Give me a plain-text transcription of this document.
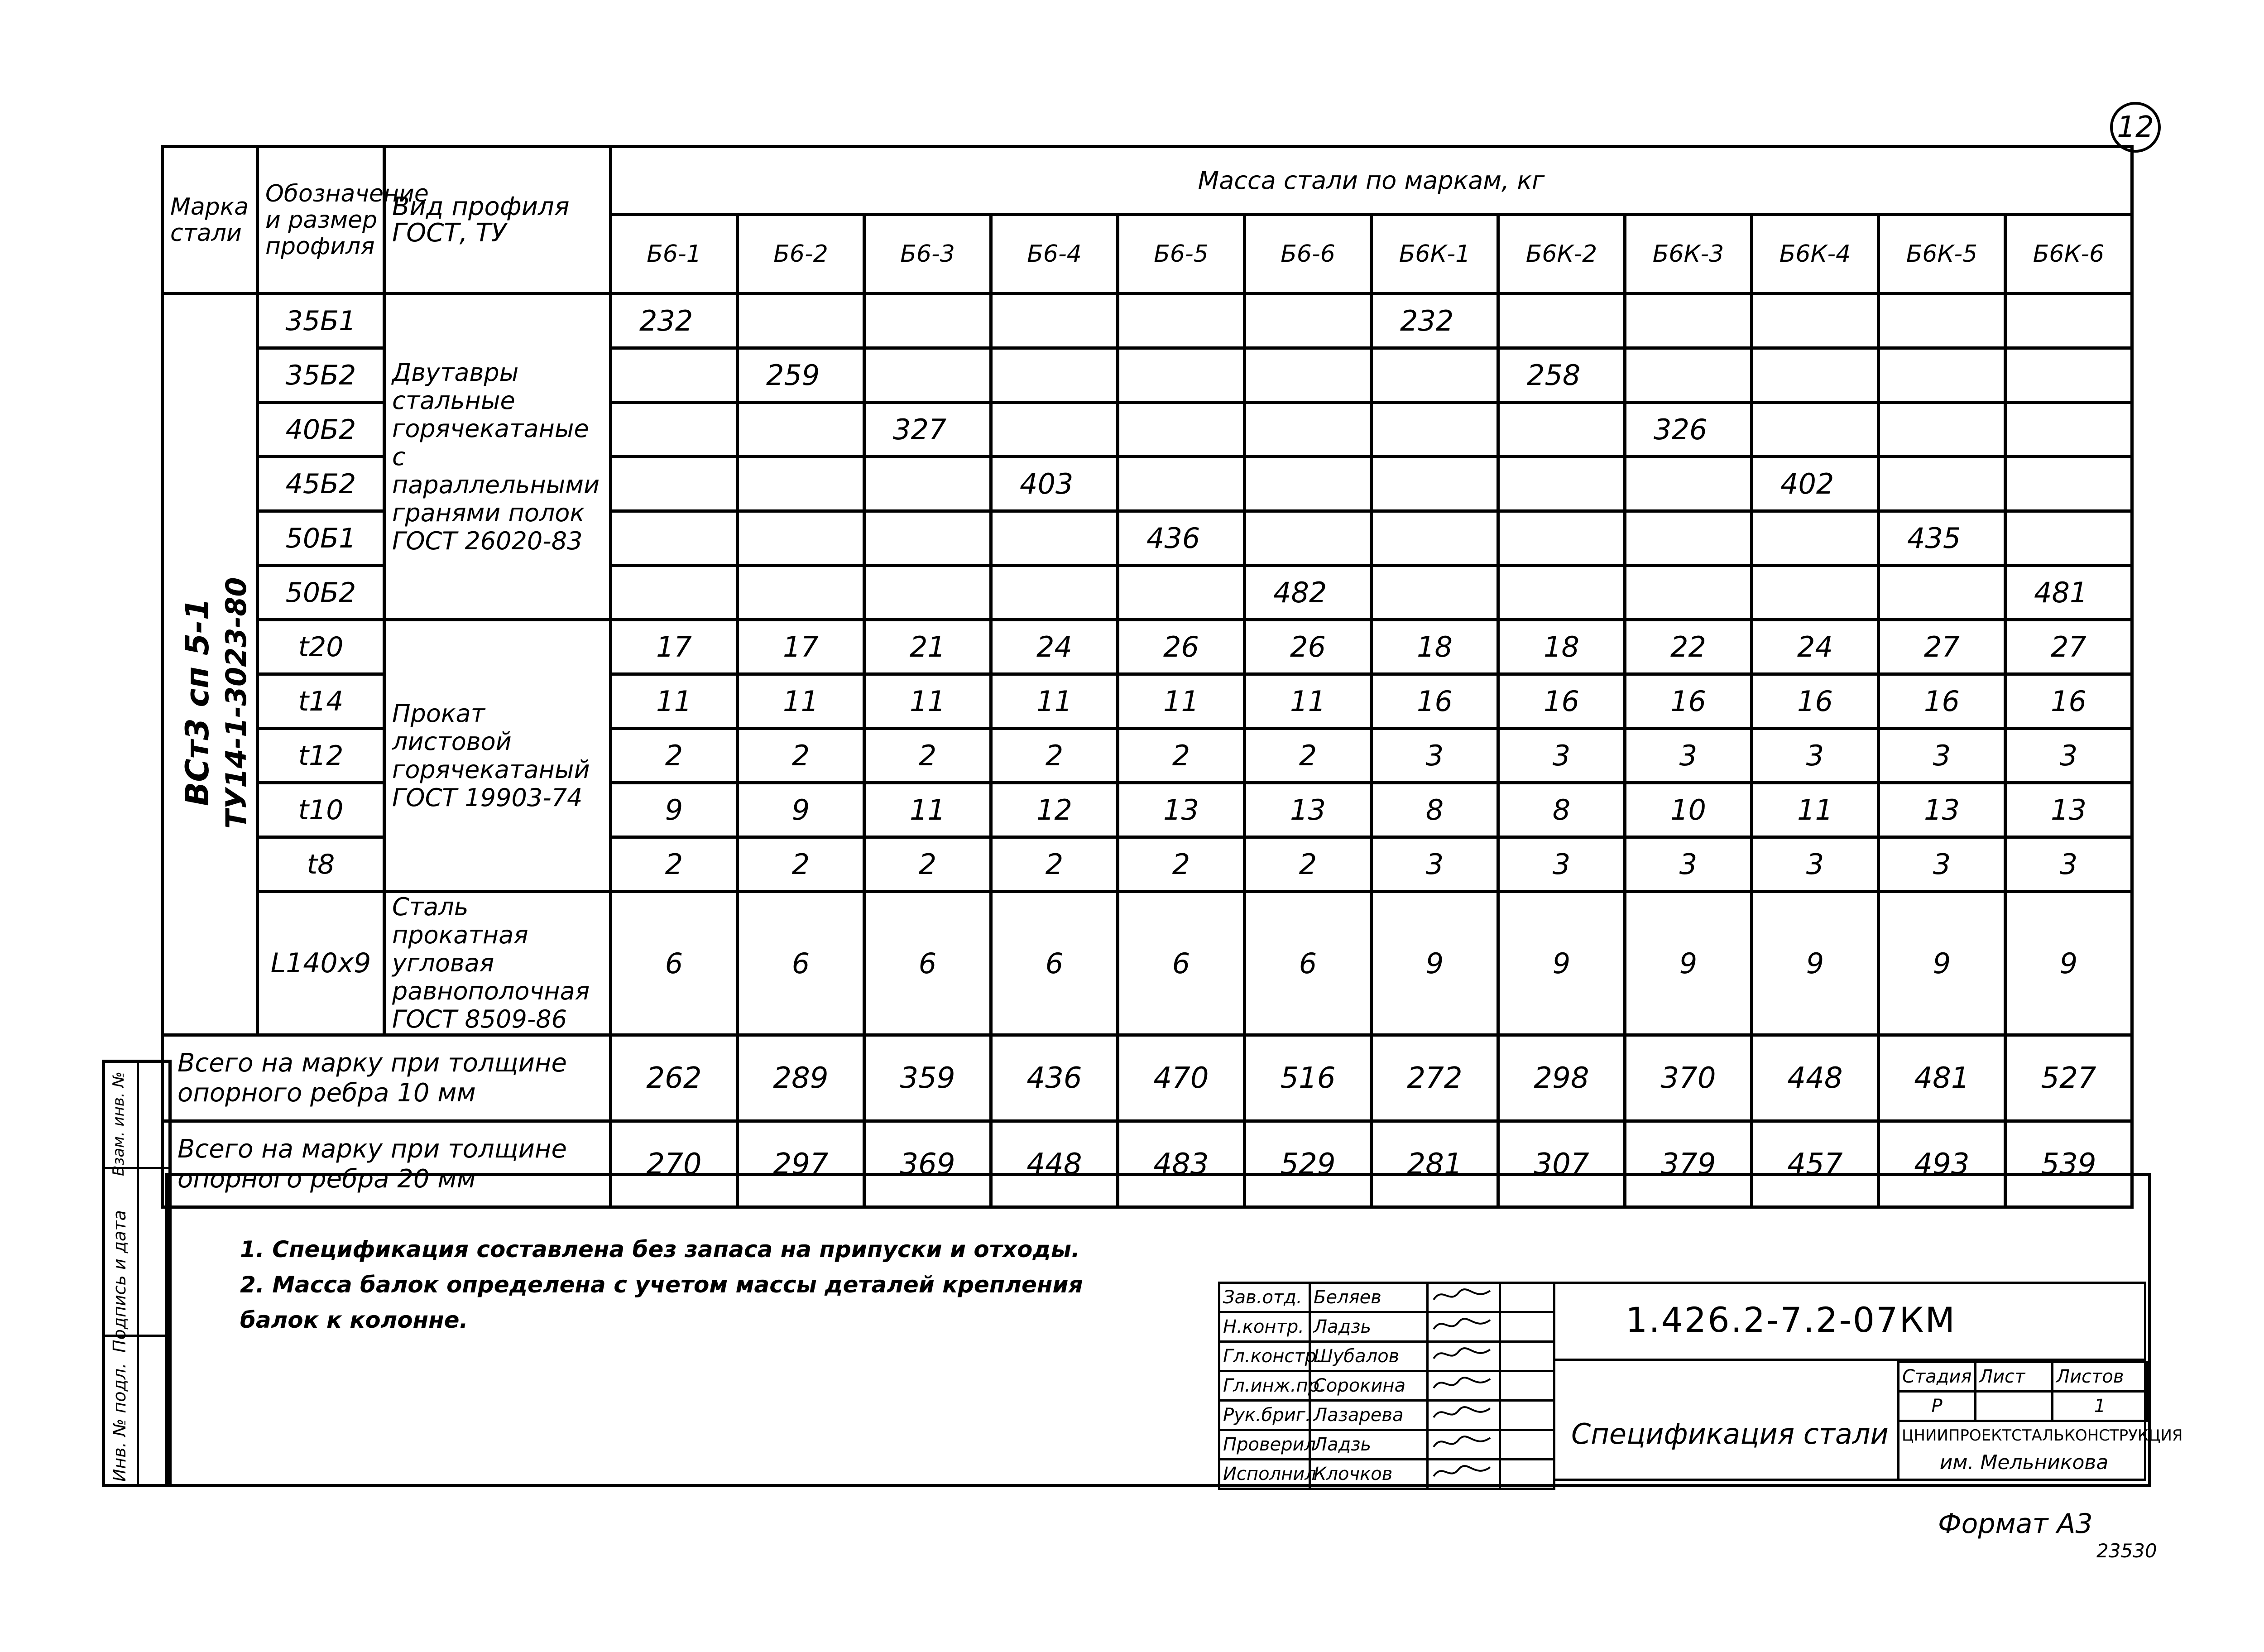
12
Марка стали	Обозначение и размер профиля	Вид профиля ГОСТ, ТУ	Масса стали по маркам, кг											
			Б6-1	Б6-2	Б6-3	Б6-4	Б6-5	Б6-6	Б6К-1	Б6К-2	Б6К-3	Б6К-4	Б6К-5	Б6К-6
	35Б1	Двутавры стальные горячекатаные с параллельными гранями полок ГОСТ 26020-83	232						232					
	35Б2			259						258				
	40Б2				327						326			
	45Б2					403						402		
	50Б1						436						435	
	50Б2							482						481
	t20	Прокат листовой горячекатаный ГОСТ 19903-74	17	17	21	24	26	26	18	18	22	24	27	27
	t14		11	11	11	11	11	11	16	16	16	16	16	16
	t12		2	2	2	2	2	2	3	3	3	3	3	3
	t10		9	9	11	12	13	13	8	8	10	11	13	13
	t8		2	2	2	2	2	2	3	3	3	3	3	3
	L140x9	Сталь прокатная угловая равнополочная ГОСТ 8509-86	6	6	6	6	6	6	9	9	9	9	9	9
Всего на марку при толщине опорного ребра 10 мм			262	289	359	436	470	516	272	298	370	448	481	527
Всего на марку при толщине опорного ребра 20 мм			270	297	369	448	483	529	281	307	379	457	493	539
ВСт3 сп 5-1 ТУ14-1-3023-80
1. Спецификация составлена без запаса на припуски и отходы.
2. Масса балок определена с учетом массы деталей крепления балок к колонне.
Инв. № подл.
Подпись и дата
Взам. инв. №
Зав.отд.	Беляев		
Н.контр.	Ладзь		
Гл.констр.	Шубалов		
Гл.инж.пр.	Сорокина		
Рук.бриг.	Лазарева		
Проверил	Ладзь		
Исполнил	Клочков		
1.426.2-7.2-07КМ
Спецификация стали
Стадия	Лист	Листов
Р		1
ЦНИИПРОЕКТСТАЛЬКОНСТРУКЦИЯ
им. Мельникова
Формат А3
23530
